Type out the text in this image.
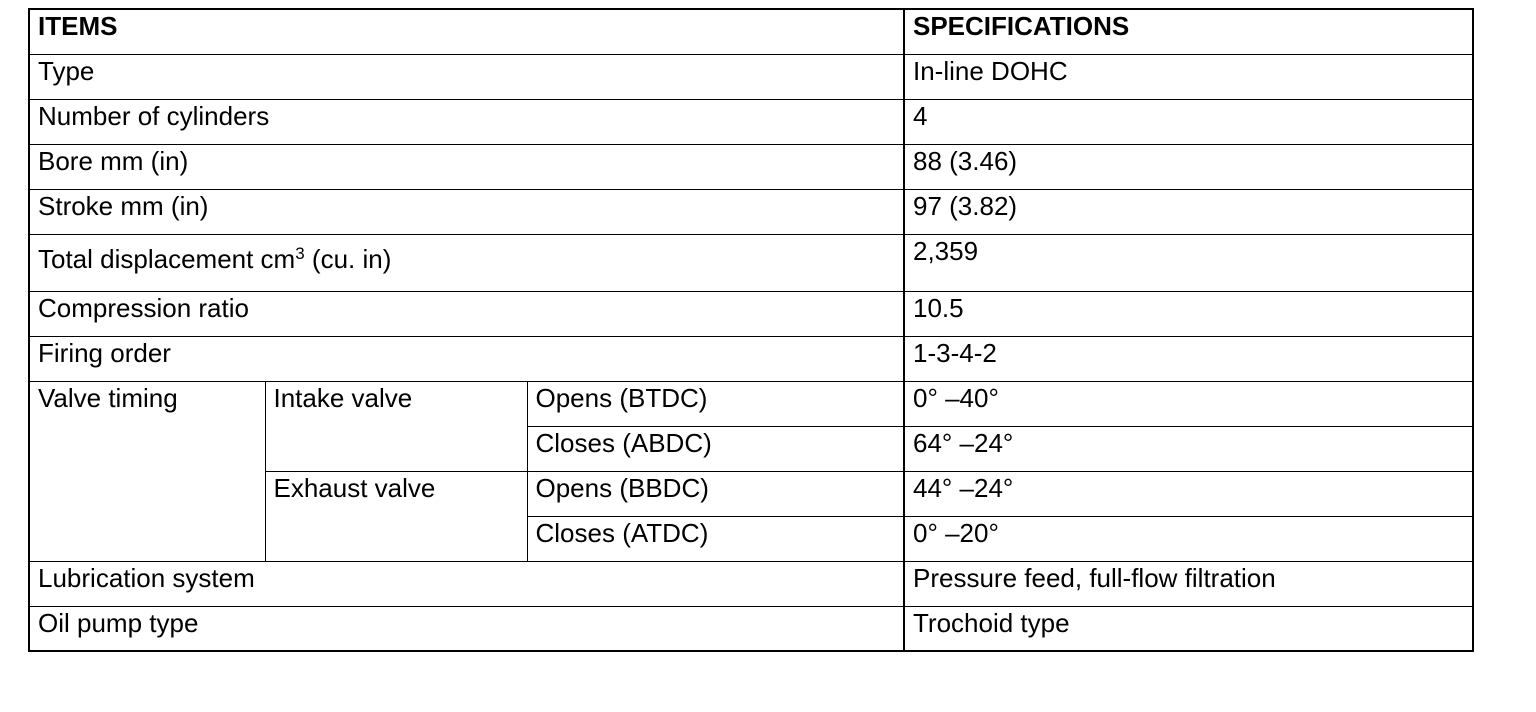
ITEMS			SPECIFICATIONS
Type			In-line DOHC
Number of cylinders			4
Bore mm (in)			88 (3.46)
Stroke mm (in)			97 (3.82)
Total displacement $cm^3$ (cu. in)			2,359
Compression ratio			10.5
Firing order			1-3-4-2
Valve timing	Intake valve	Opens (BTDC)	0° –40°
		Closes (ABDC)	64° –24°
	Exhaust valve	Opens (BBDC)	44° –24°
		Closes (ATDC)	0° –20°
Lubrication system			Pressure feed, full-flow filtration
Oil pump type			Trochoid type
